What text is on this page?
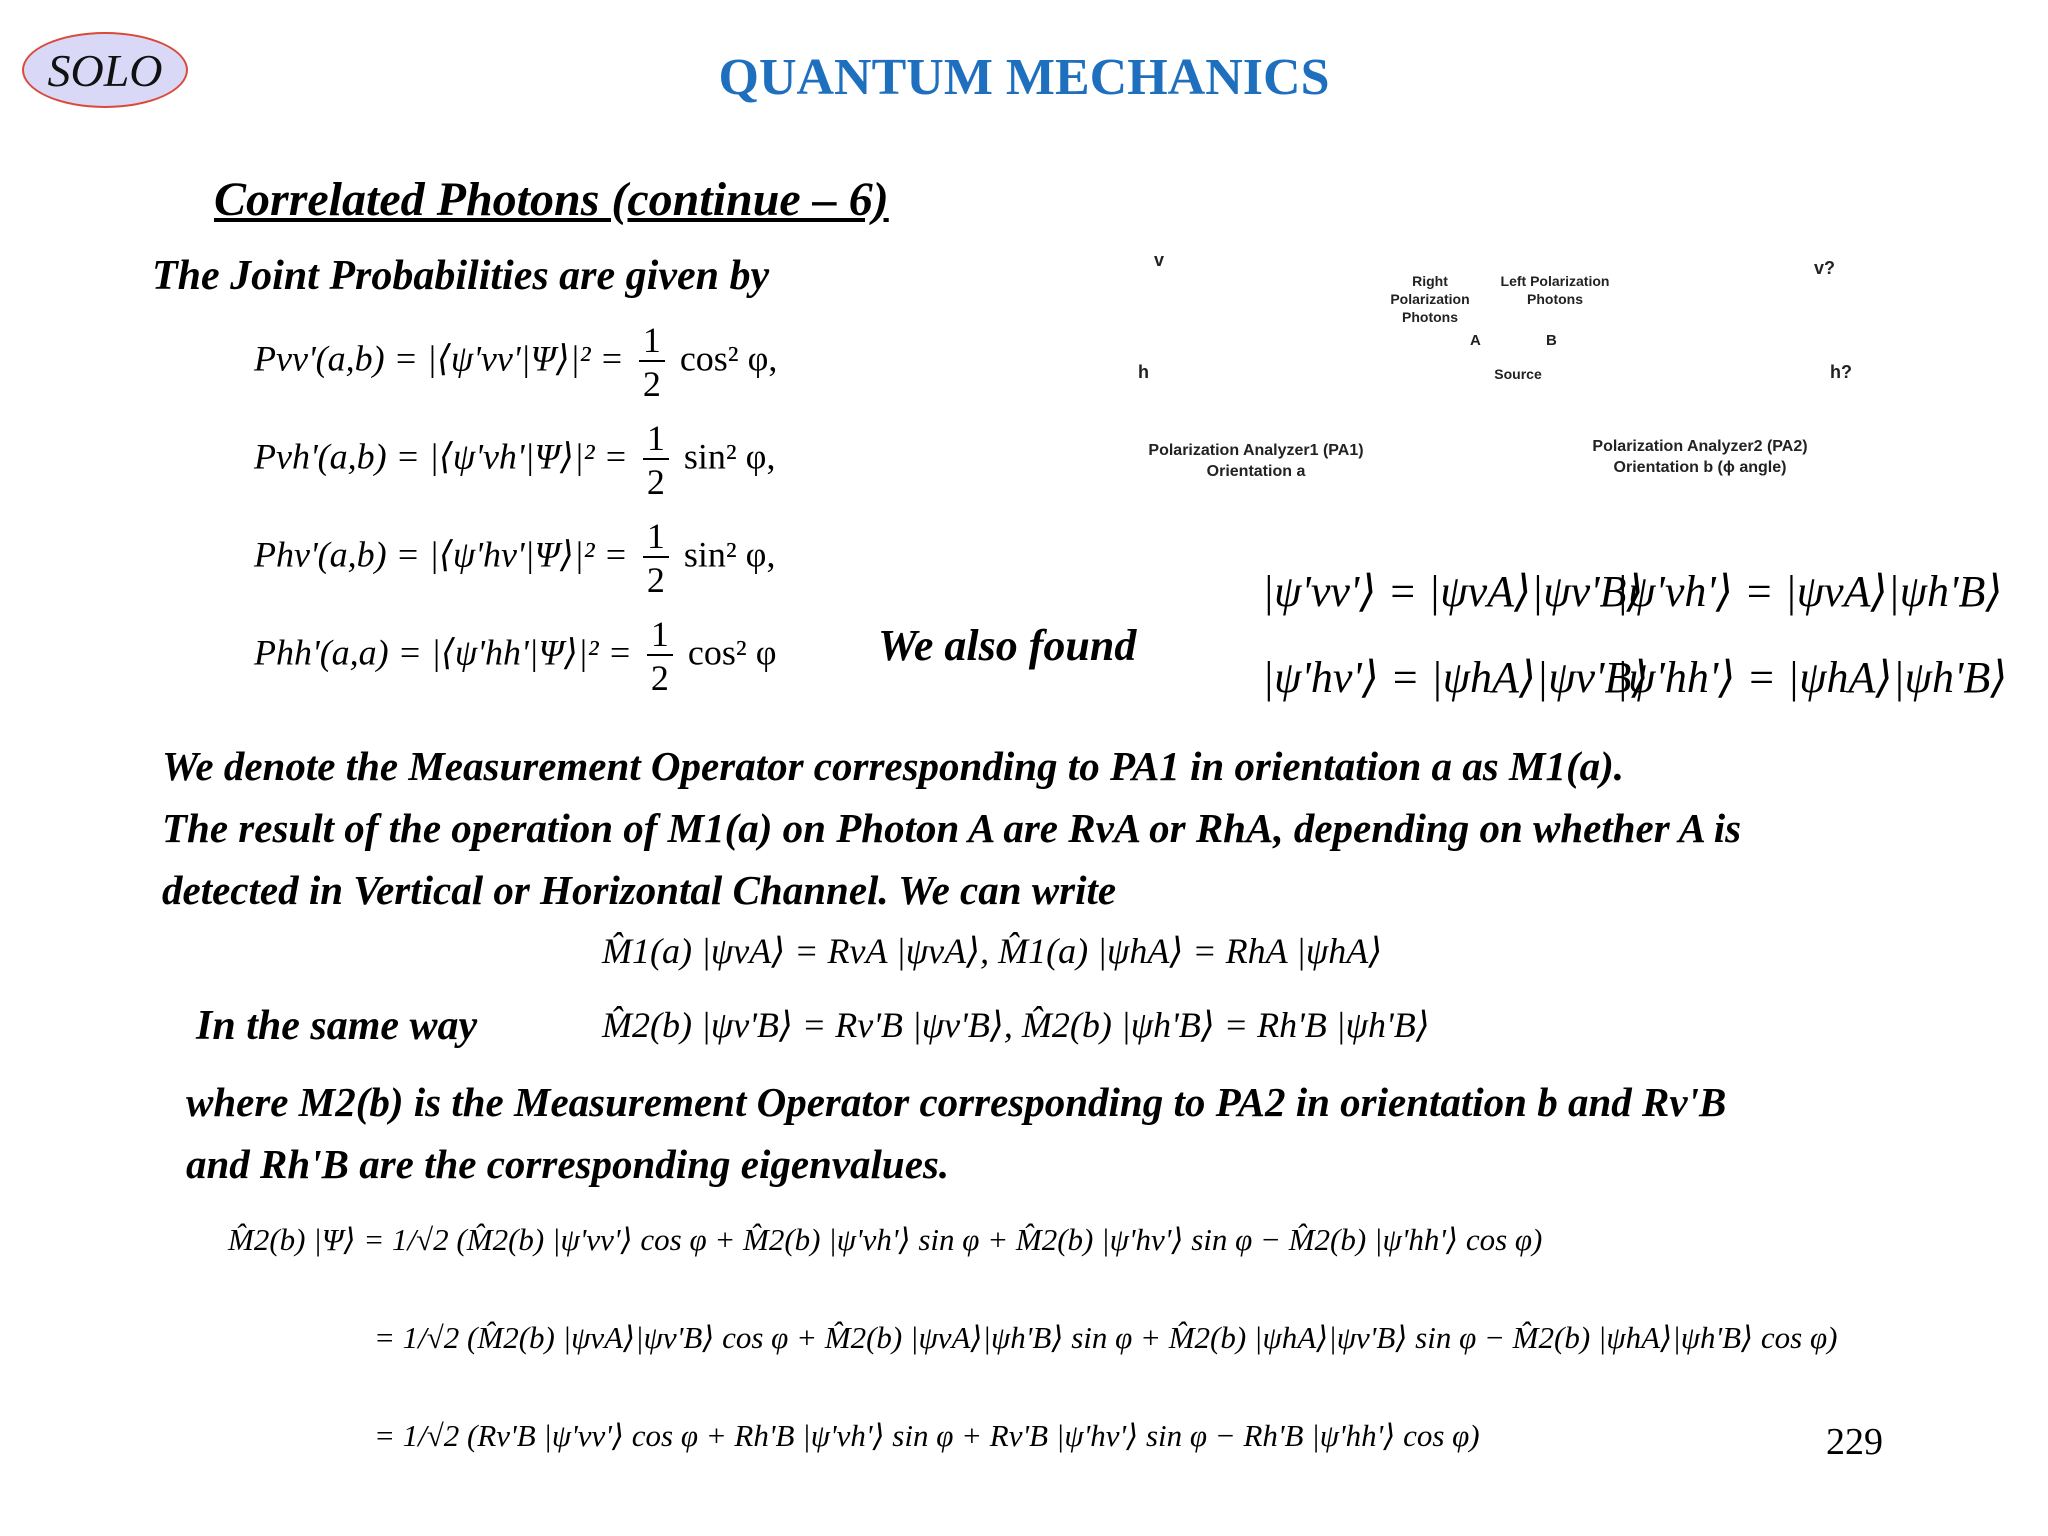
SOLO	QUANTUM MECHANICS
Correlated Photons (continue – 6)
The Joint Probabilities are given by
Pvv'(a,b) = |⟨ψ'vv'|Ψ⟩|² = $\frac{1}{2} \cos^2$ φ,
Pvh'(a,b) = |⟨ψ'vh'|Ψ⟩|² = $\frac{1}{2} \sin^2$ φ,
Phv'(a,b) = |⟨ψ'hv'|Ψ⟩|² = $\frac{1}{2} \sin^2$ φ,
Phh'(a,a) = |⟨ψ'hh'|Ψ⟩|² = $\frac{1}{2} \cos^2$ φ
v	v?
h	h?
Right Polarization Photons
Left Polarization Photons
A	B
Source
Polarization Analyzer1 (PA1)
Orientation a
Polarization Analyzer2 (PA2)
Orientation b (ϕ angle)
We also found
|ψ'vv'⟩ = |ψvA⟩|ψv'B⟩
|ψ'vh'⟩ = |ψvA⟩|ψh'B⟩
|ψ'hv'⟩ = |ψhA⟩|ψv'B⟩
|ψ'hh'⟩ = |ψhA⟩|ψh'B⟩
We denote the Measurement Operator corresponding to PA1 in orientation a as M1(a).
The result of the operation of M1(a) on Photon A are RvA or RhA, depending on whether A is
detected in Vertical or Horizontal Channel. We can write
M̂1(a) |ψvA⟩ = RvA |ψvA⟩, M̂1(a) |ψhA⟩ = RhA |ψhA⟩
In the same way	M̂2(b) |ψv'B⟩ = Rv'B |ψv'B⟩, M̂2(b) |ψh'B⟩ = Rh'B |ψh'B⟩
where M2(b) is the Measurement Operator corresponding to PA2 in orientation b and Rv'B
and Rh'B are the corresponding eigenvalues.
M̂2(b) |Ψ⟩ = 1/√2 (M̂2(b) |ψ'vv'⟩ cos φ + M̂2(b) |ψ'vh'⟩ sin φ + M̂2(b) |ψ'hv'⟩ sin φ − M̂2(b) |ψ'hh'⟩ cos φ)
= 1/√2 (M̂2(b) |ψvA⟩|ψv'B⟩ cos φ + M̂2(b) |ψvA⟩|ψh'B⟩ sin φ + M̂2(b) |ψhA⟩|ψv'B⟩ sin φ − M̂2(b) |ψhA⟩|ψh'B⟩ cos φ)
= 1/√2 (Rv'B |ψ'vv'⟩ cos φ + Rh'B |ψ'vh'⟩ sin φ + Rv'B |ψ'hv'⟩ sin φ − Rh'B |ψ'hh'⟩ cos φ)	229
